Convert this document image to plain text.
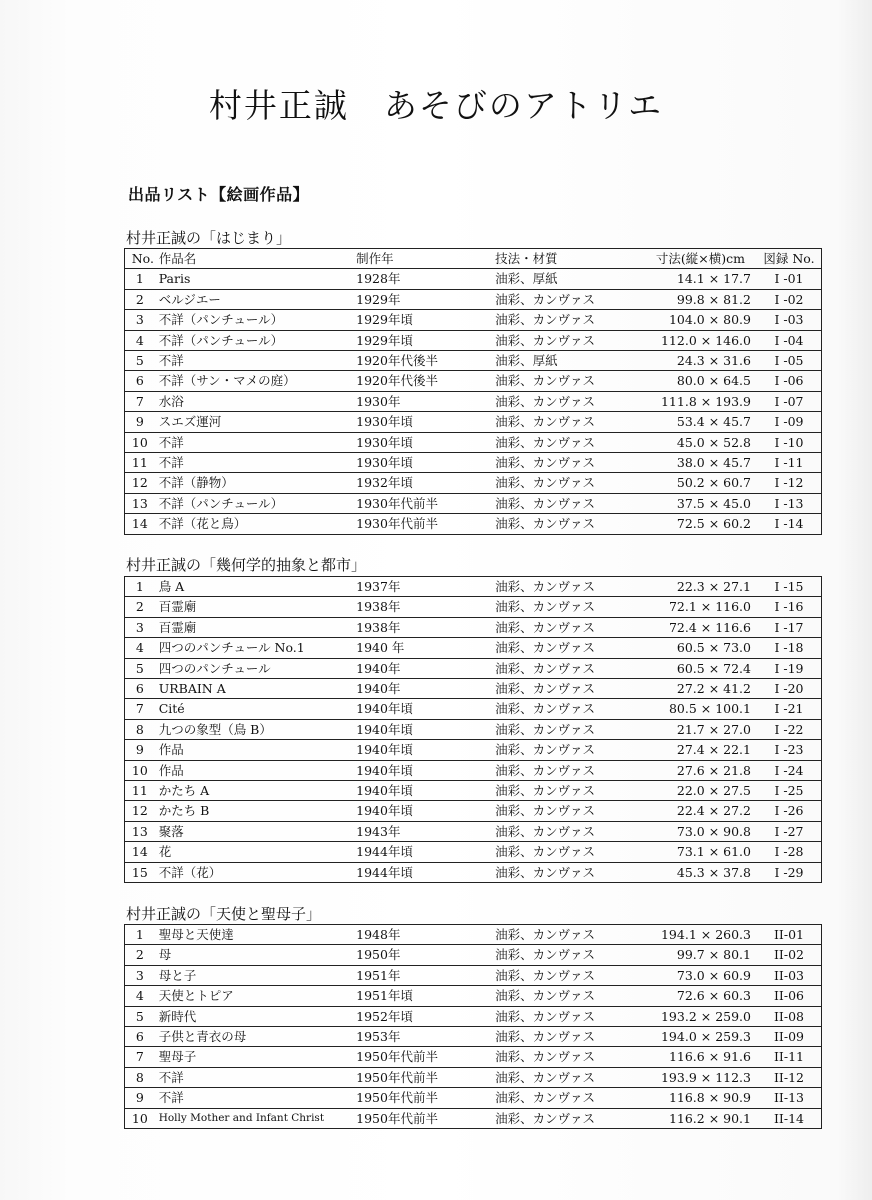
村井正誠　あそびのアトリエ
出品リスト【絵画作品】
村井正誠の「はじまり」
No.	作品名	制作年	技法・材質	寸法(縦×横)cm	図録 No.
1	Paris	1928年	油彩、厚紙	14.1 × 17.7	I -01
2	ベルジエー	1929年	油彩、カンヴァス	99.8 × 81.2	I -02
3	不詳（パンチュール）	1929年頃	油彩、カンヴァス	104.0 × 80.9	I -03
4	不詳（パンチュール）	1929年頃	油彩、カンヴァス	112.0 × 146.0	I -04
5	不詳	1920年代後半	油彩、厚紙	24.3 × 31.6	I -05
6	不詳（サン・マメの庭）	1920年代後半	油彩、カンヴァス	80.0 × 64.5	I -06
7	水浴	1930年	油彩、カンヴァス	111.8 × 193.9	I -07
9	スエズ運河	1930年頃	油彩、カンヴァス	53.4 × 45.7	I -09
10	不詳	1930年頃	油彩、カンヴァス	45.0 × 52.8	I -10
11	不詳	1930年頃	油彩、カンヴァス	38.0 × 45.7	I -11
12	不詳（静物）	1932年頃	油彩、カンヴァス	50.2 × 60.7	I -12
13	不詳（パンチュール）	1930年代前半	油彩、カンヴァス	37.5 × 45.0	I -13
14	不詳（花と鳥）	1930年代前半	油彩、カンヴァス	72.5 × 60.2	I -14
村井正誠の「幾何学的抽象と都市」
1	鳥 A	1937年	油彩、カンヴァス	22.3 × 27.1	I -15
2	百霊廟	1938年	油彩、カンヴァス	72.1 × 116.0	I -16
3	百霊廟	1938年	油彩、カンヴァス	72.4 × 116.6	I -17
4	四つのパンチュール No.1	1940 年	油彩、カンヴァス	60.5 × 73.0	I -18
5	四つのパンチュール	1940年	油彩、カンヴァス	60.5 × 72.4	I -19
6	URBAIN A	1940年	油彩、カンヴァス	27.2 × 41.2	I -20
7	Cité	1940年頃	油彩、カンヴァス	80.5 × 100.1	I -21
8	九つの象型（鳥 B）	1940年頃	油彩、カンヴァス	21.7 × 27.0	I -22
9	作品	1940年頃	油彩、カンヴァス	27.4 × 22.1	I -23
10	作品	1940年頃	油彩、カンヴァス	27.6 × 21.8	I -24
11	かたち A	1940年頃	油彩、カンヴァス	22.0 × 27.5	I -25
12	かたち B	1940年頃	油彩、カンヴァス	22.4 × 27.2	I -26
13	聚落	1943年	油彩、カンヴァス	73.0 × 90.8	I -27
14	花	1944年頃	油彩、カンヴァス	73.1 × 61.0	I -28
15	不詳（花）	1944年頃	油彩、カンヴァス	45.3 × 37.8	I -29
村井正誠の「天使と聖母子」
1	聖母と天使達	1948年	油彩、カンヴァス	194.1 × 260.3	II-01
2	母	1950年	油彩、カンヴァス	99.7 × 80.1	II-02
3	母と子	1951年	油彩、カンヴァス	73.0 × 60.9	II-03
4	天使とトピア	1951年頃	油彩、カンヴァス	72.6 × 60.3	II-06
5	新時代	1952年頃	油彩、カンヴァス	193.2 × 259.0	II-08
6	子供と青衣の母	1953年	油彩、カンヴァス	194.0 × 259.3	II-09
7	聖母子	1950年代前半	油彩、カンヴァス	116.6 × 91.6	II-11
8	不詳	1950年代前半	油彩、カンヴァス	193.9 × 112.3	II-12
9	不詳	1950年代前半	油彩、カンヴァス	116.8 × 90.9	II-13
10	Holly Mother and Infant Christ	1950年代前半	油彩、カンヴァス	116.2 × 90.1	II-14
